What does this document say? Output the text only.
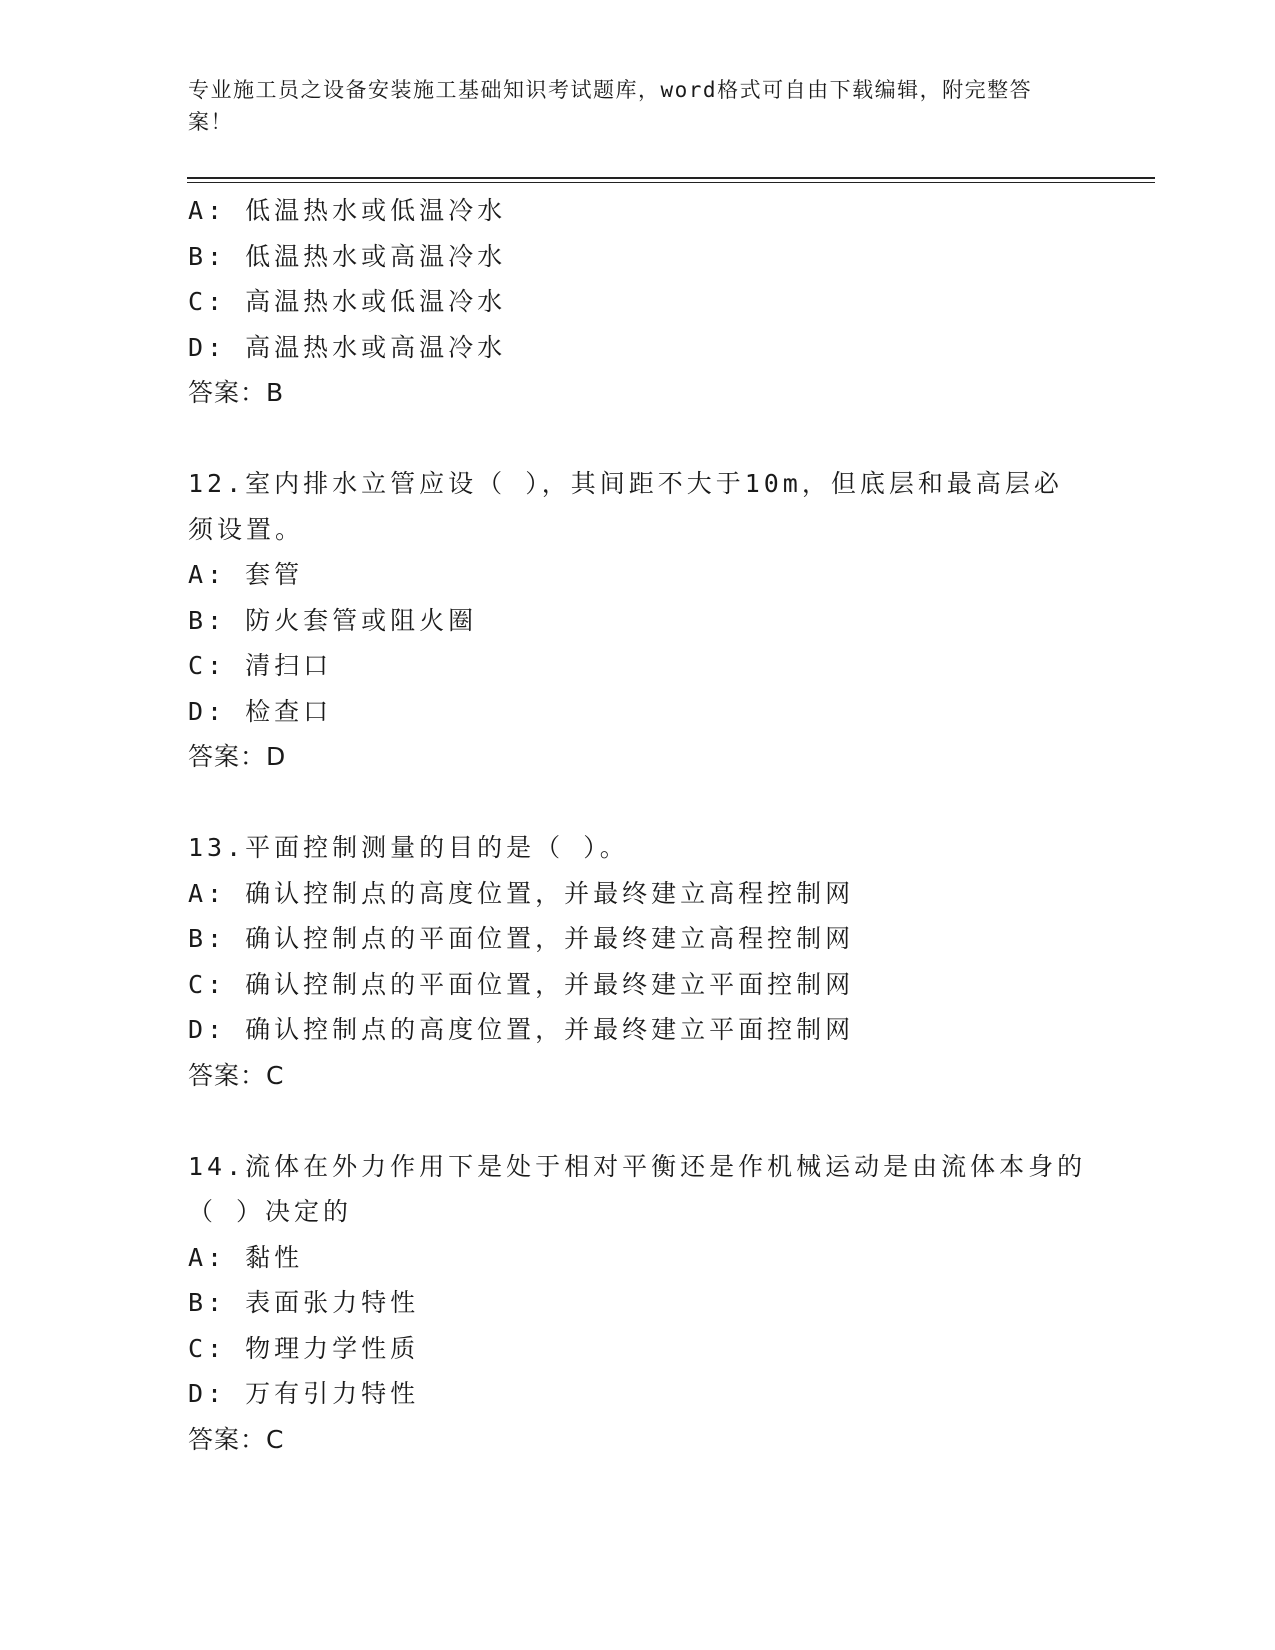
专业施工员之设备安装施工基础知识考试题库，word格式可自由下载编辑，附完整答案！
A: 低温热水或低温冷水
B: 低温热水或高温冷水
C: 高温热水或低温冷水
D: 高温热水或高温冷水
答案：B
12.室内排水立管应设（ ），其间距不大于10m，但底层和最高层必须设置。
A: 套管
B: 防火套管或阻火圈
C: 清扫口
D: 检查口
答案：D
13.平面控制测量的目的是（ ）。
A: 确认控制点的高度位置，并最终建立高程控制网
B: 确认控制点的平面位置，并最终建立高程控制网
C: 确认控制点的平面位置，并最终建立平面控制网
D: 确认控制点的高度位置，并最终建立平面控制网
答案：C
14.流体在外力作用下是处于相对平衡还是作机械运动是由流体本身的（ ）决定的
A: 黏性
B: 表面张力特性
C: 物理力学性质
D: 万有引力特性
答案：C
